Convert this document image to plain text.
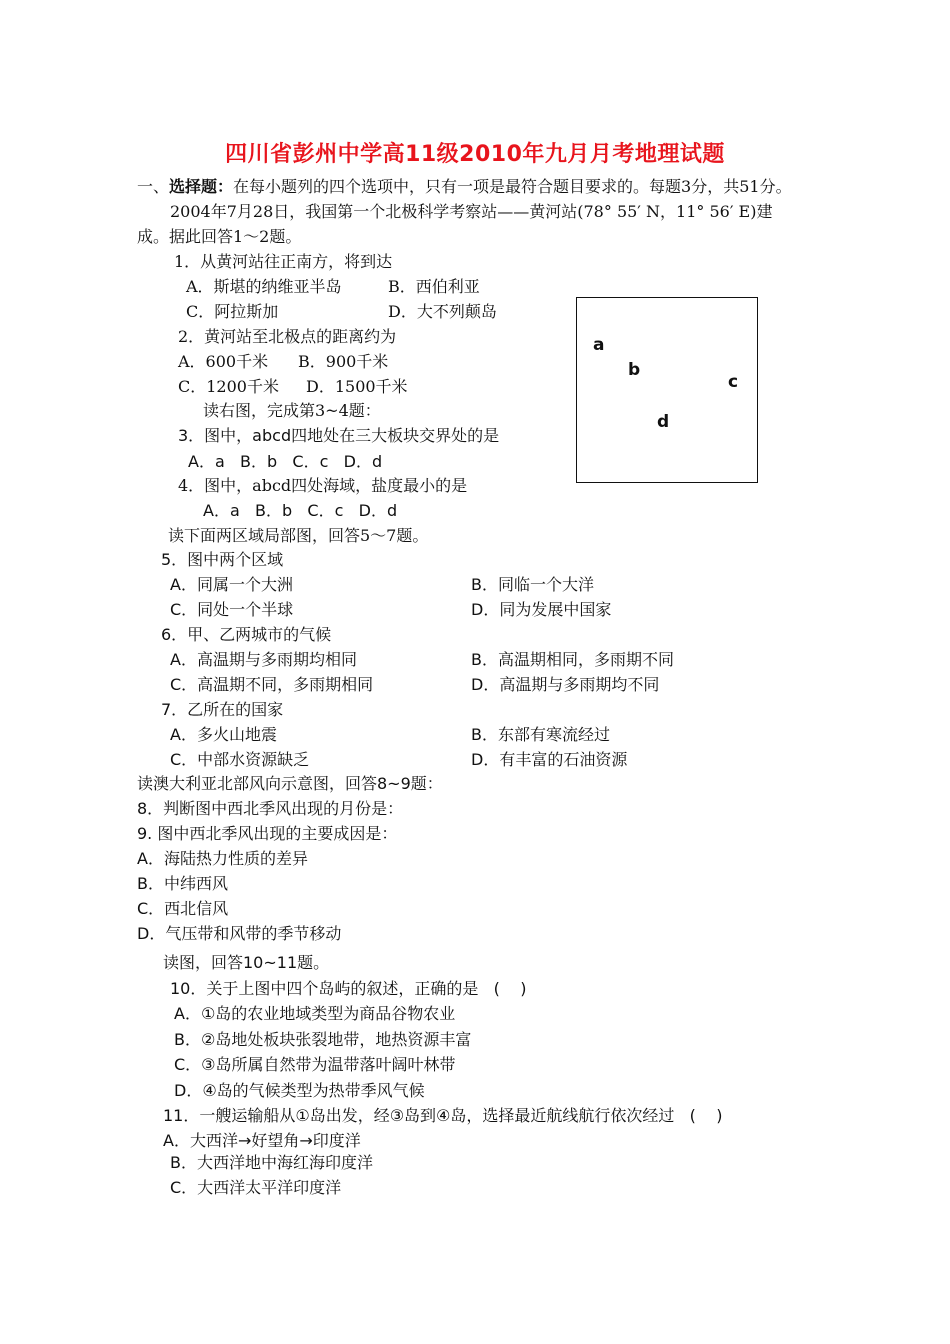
四川省彭州中学高11级2010年九月月考地理试题
一、选择题：在每小题列的四个选项中，只有一项是最符合题目要求的。每题3分，共51分。
2004年7月28日，我国第一个北极科学考察站——黄河站(78° 55′ N，11° 56′ E)建
成。据此回答1～2题。
1．从黄河站往正南方，将到达
A．斯堪的纳维亚半岛	B．西伯利亚
C．阿拉斯加	D．大不列颠岛
2．黄河站至北极点的距离约为
A．600千米 B．900千米
C．1200千米 D．1500千米
读右图，完成第3~4题：
3．图中，abcd四地处在三大板块交界处的是
A．a   B．b   C．c   D．d
4．图中，abcd四处海域，盐度最小的是
A．a   B．b   C．c   D．d
a
b
c
d
读下面两区域局部图，回答5～7题。
5．图中两个区域
A．同属一个大洲	B．同临一个大洋
C．同处一个半球	D．同为发展中国家
6．甲、乙两城市的气候
A．高温期与多雨期均相同	B．高温期相同，多雨期不同
C．高温期不同，多雨期相同	D．高温期与多雨期均不同
7．乙所在的国家
A．多火山地震	B．东部有寒流经过
C．中部水资源缺乏	D．有丰富的石油资源
读澳大利亚北部风向示意图，回答8~9题：
8．判断图中西北季风出现的月份是：
9. 图中西北季风出现的主要成因是：
A．海陆热力性质的差异
B．中纬西风
C．西北信风
D．气压带和风带的季节移动
读图，回答10~11题。
10．关于上图中四个岛屿的叙述，正确的是   (    )
A．①岛的农业地域类型为商品谷物农业
B．②岛地处板块张裂地带，地热资源丰富
C．③岛所属自然带为温带落叶阔叶林带
D．④岛的气候类型为热带季风气候
11．一艘运输船从①岛出发，经③岛到④岛，选择最近航线航行依次经过   (    )
A．大西洋→好望角→印度洋
B．大西洋地中海红海印度洋
C．大西洋太平洋印度洋
